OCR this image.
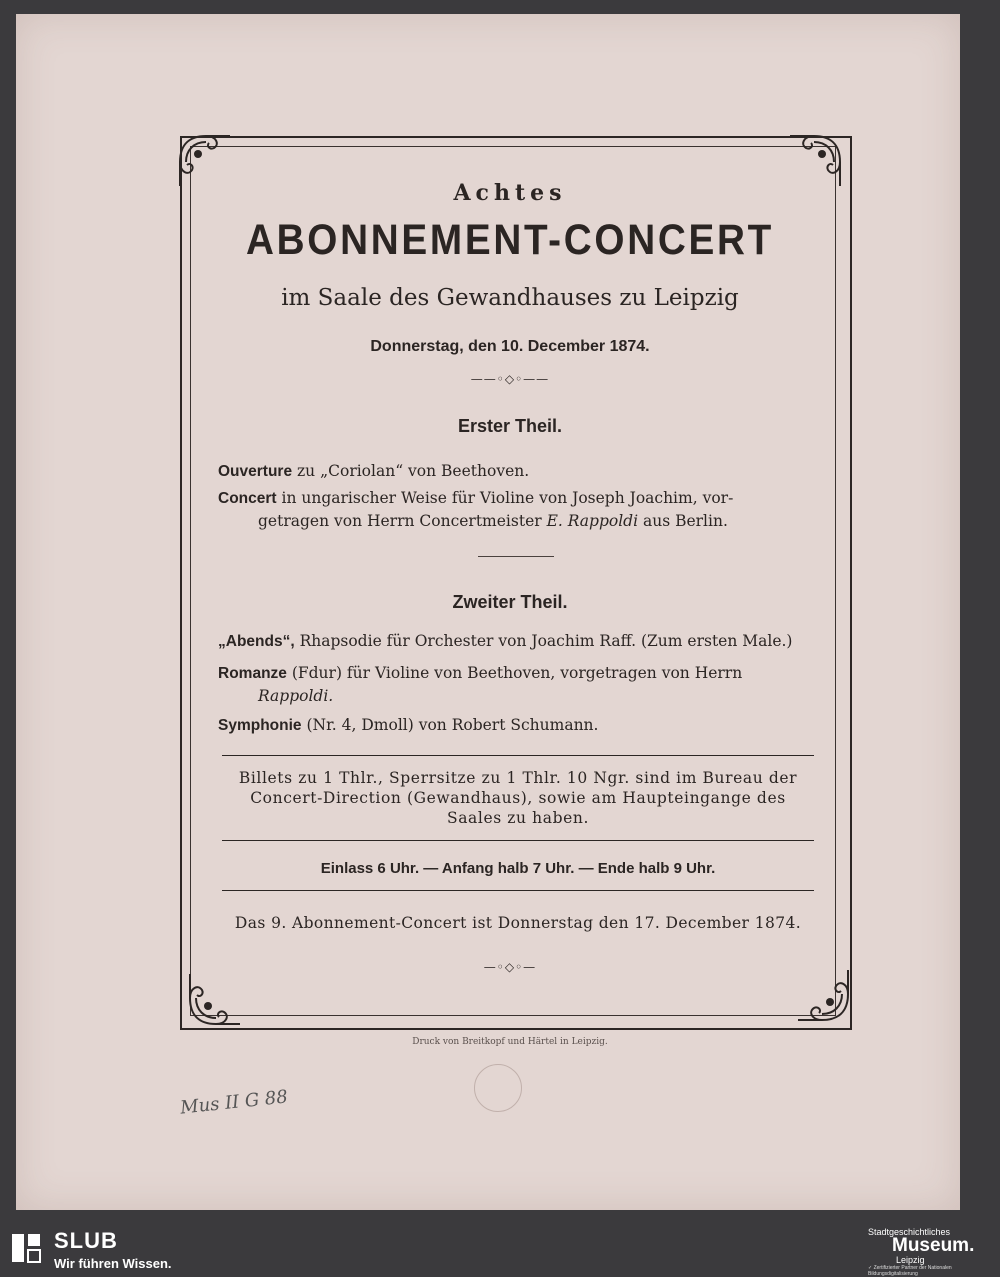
Achtes
ABONNEMENT-CONCERT
im Saale des Gewandhauses zu Leipzig
Donnerstag, den 10. December 1874.
——◦◇◦——
Erster Theil.
Ouverture zu „Coriolan“ von Beethoven.
Concert in ungarischer Weise für Violine von Joseph Joachim, vor-
getragen von Herrn Concertmeister E. Rappoldi aus Berlin.
Zweiter Theil.
„Abends“, Rhapsodie für Orchester von Joachim Raff. (Zum ersten Male.)
Romanze (Fdur) für Violine von Beethoven, vorgetragen von Herrn
Rappoldi.
Symphonie (Nr. 4, Dmoll) von Robert Schumann.
Billets zu 1 Thlr., Sperrsitze zu 1 Thlr. 10 Ngr. sind im Bureau der Concert-Direction (Gewandhaus), sowie am Haupteingange des Saales zu haben.
Einlass 6 Uhr. — Anfang halb 7 Uhr. — Ende halb 9 Uhr.
Das 9. Abonnement-Concert ist Donnerstag den 17. December 1874.
—◦◇◦—
Druck von Breitkopf und Härtel in Leipzig.
Mus II G 88
SLUB
Wir führen Wissen.
Stadtgeschichtliches
Museum.
Leipzig
✓ Zertifizierter Partner der Nationalen Bildungsdigitalisierung
